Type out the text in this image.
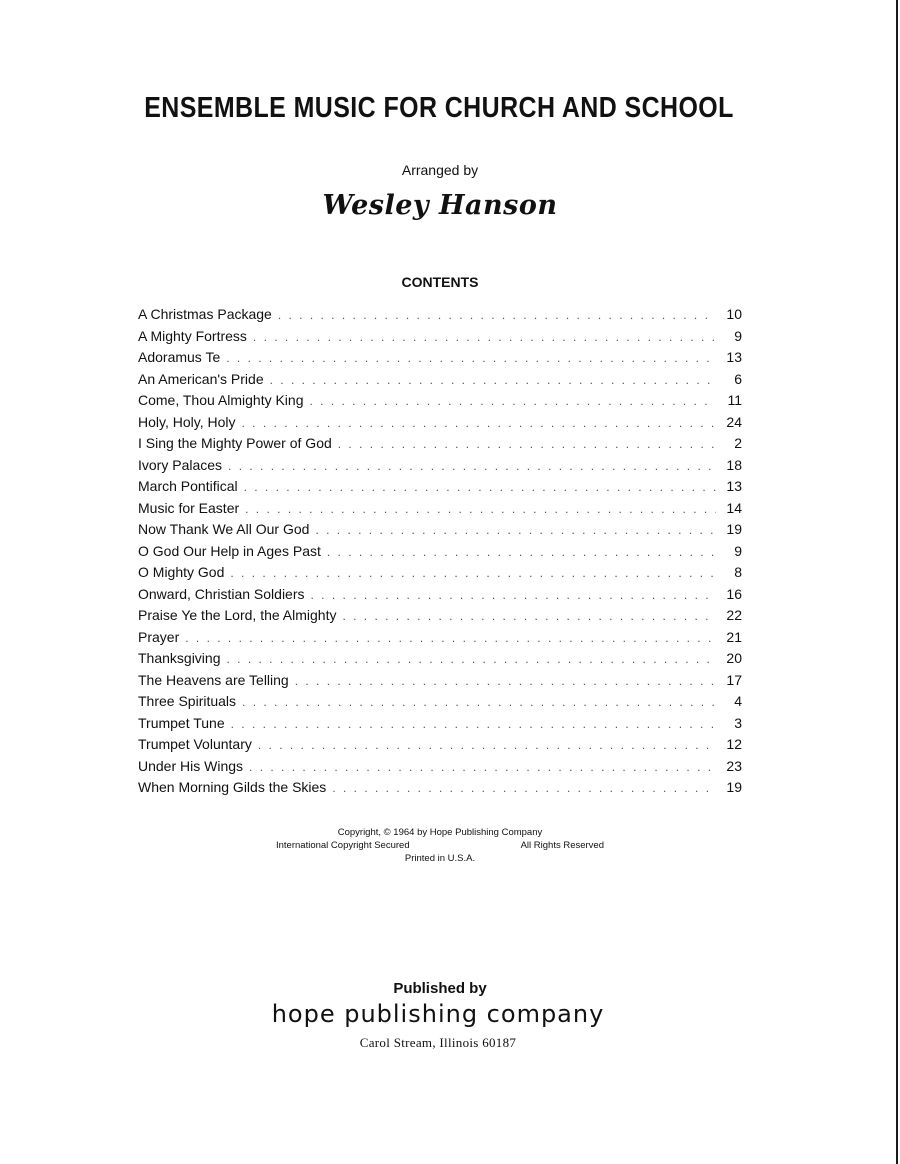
ENSEMBLE MUSIC FOR CHURCH AND SCHOOL
Arranged by
Wesley Hanson
CONTENTS
A Christmas Package . . .	10
A Mighty Fortress . . .	9
Adoramus Te . . .	13
An American's Pride . . .	6
Come, Thou Almighty King . . .	11
Holy, Holy, Holy . . .	24
I Sing the Mighty Power of God . . .	2
Ivory Palaces . . .	18
March Pontifical . . .	13
Music for Easter . . .	14
Now Thank We All Our God . . .	19
O God Our Help in Ages Past . . .	9
O Mighty God . . .	8
Onward, Christian Soldiers . . .	16
Praise Ye the Lord, the Almighty . . .	22
Prayer . . .	21
Thanksgiving . . .	20
The Heavens are Telling . . .	17
Three Spirituals . . .	4
Trumpet Tune . . .	3
Trumpet Voluntary . . .	12
Under His Wings . . .	23
When Morning Gilds the Skies . . .	19
Copyright, © 1964 by Hope Publishing Company
International Copyright Secured	All Rights Reserved
Printed in U.S.A.
Published by
hope publishing company
Carol Stream, Illinois 60187
